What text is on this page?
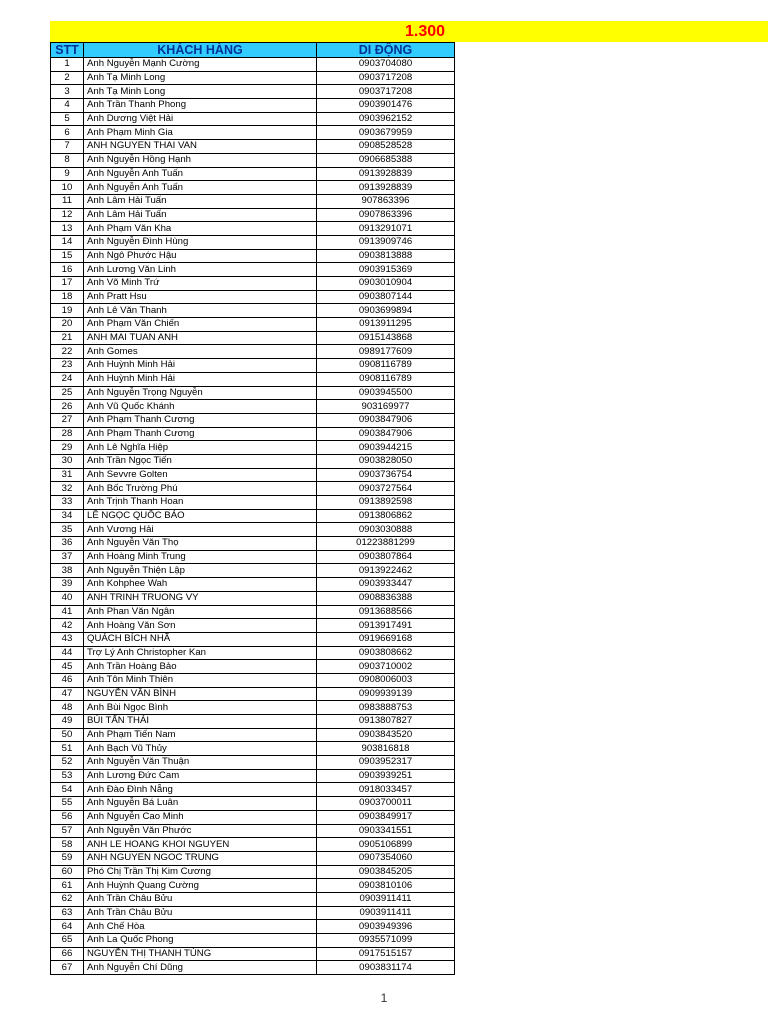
1.300
STT	KHÁCH HÀNG	DI ĐỘNG
1	Anh Nguyễn Mạnh Cường	0903704080
2	Anh Tạ Minh Long	0903717208
3	Anh Tạ Minh Long	0903717208
4	Anh Trần Thanh Phong	0903901476
5	Anh Dương Việt Hải	0903962152
6	Anh Phạm Minh Gia	0903679959
7	ANH NGUYEN THAI VAN	0908528528
8	Anh Nguyễn Hồng Hạnh	0906685388
9	Anh Nguyễn Anh Tuấn	0913928839
10	Anh Nguyễn Anh Tuấn	0913928839
11	Anh Lâm Hải Tuấn	907863396
12	Anh Lâm Hải Tuấn	0907863396
13	Anh Phạm Văn Kha	0913291071
14	Anh Nguyễn Đình Hùng	0913909746
15	Anh Ngô Phước Hậu	0903813888
16	Anh Lương Văn Linh	0903915369
17	Anh Võ Minh Trứ	0903010904
18	Anh Pratt Hsu	0903807144
19	Anh Lê Văn Thanh	0903699894
20	Anh Phạm Văn Chiến	0913911295
21	ANH MAI TUAN ANH	0915143868
22	Anh Gomes	0989177609
23	Anh Huỳnh Minh Hải	0908116789
24	Anh Huỳnh Minh Hải	0908116789
25	Anh Nguyễn Trọng Nguyễn	0903945500
26	Anh Vũ Quốc Khánh	903169977
27	Anh Phạm Thanh Cương	0903847906
28	Anh Phạm Thanh Cương	0903847906
29	Anh Lê Nghĩa Hiệp	0903944215
30	Anh Trần Ngọc Tiến	0903828050
31	Anh Sevvre Golten	0903736754
32	Anh Bốc Trường Phú	0903727564
33	Anh Trịnh Thanh Hoan	0913892598
34	LÊ NGỌC QUỐC BẢO	0913806862
35	Anh Vương Hải	0903030888
36	Anh Nguyễn Văn Thọ	01223881299
37	Anh Hoàng Minh Trung	0903807864
38	Anh Nguyễn Thiện Lập	0913922462
39	Anh Kohphee Wah	0903933447
40	ANH TRINH TRUONG VY	0908836388
41	Anh Phan Văn Ngân	0913688566
42	Anh Hoàng Văn Sơn	0913917491
43	QUÁCH BÍCH NHÃ	0919669168
44	Trợ Lý Anh Christopher Kan	0903808662
45	Anh Trần Hoàng Bảo	0903710002
46	Anh Tôn Minh Thiên	0908006003
47	NGUYỄN VĂN BÌNH	0909939139
48	Anh Bùi Ngọc Bình	0983888753
49	BÙI TẤN THÁI	0913807827
50	Anh Phạm Tiến Nam	0903843520
51	Anh Bạch Vũ Thủy	903816818
52	Anh Nguyễn Văn Thuận	0903952317
53	Anh Lương Đức Cam	0903939251
54	Anh Đào Đình Nẵng	0918033457
55	Anh Nguyễn Bá Luân	0903700011
56	Anh Nguyễn Cao Minh	0903849917
57	Anh Nguyễn Văn Phước	0903341551
58	ANH LE HOANG KHOI NGUYEN	0905106899
59	ANH NGUYEN NGOC TRUNG	0907354060
60	Phó Chị Trần Thị Kim Cương	0903845205
61	Anh Huỳnh Quang Cường	0903810106
62	Anh Trần Châu Bửu	0903911411
63	Anh Trần Châu Bửu	0903911411
64	Anh Chế Hòa	0903949396
65	Anh La Quốc Phong	0935571099
66	NGUYỄN THỊ THANH TÙNG	0917515157
67	Anh Nguyễn Chí Dũng	0903831174
1
